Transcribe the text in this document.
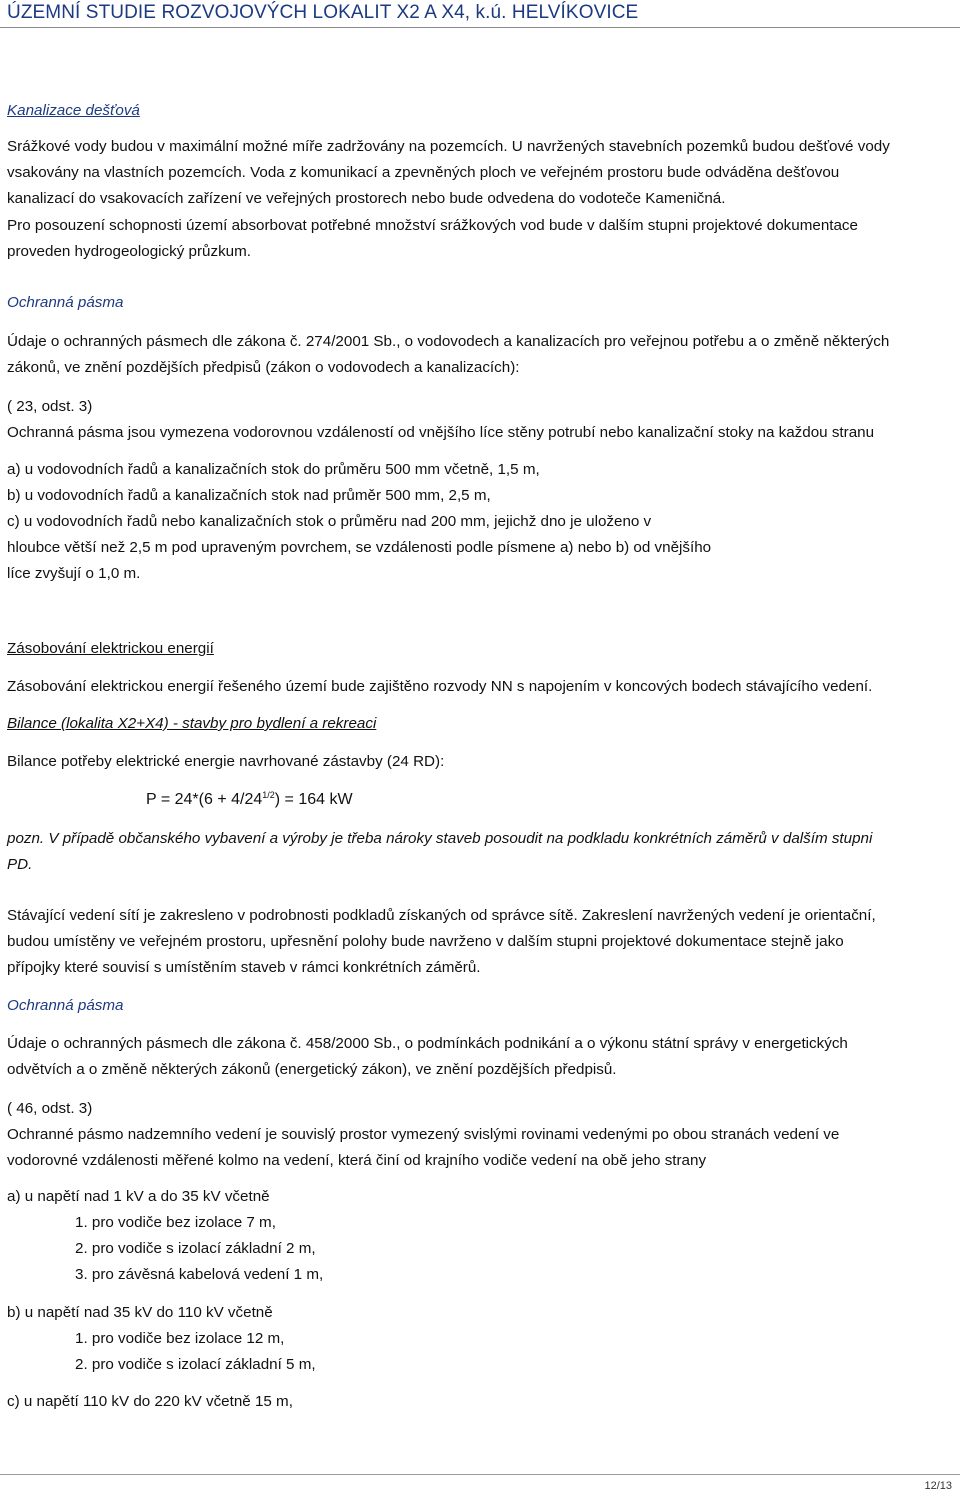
ÚZEMNÍ STUDIE ROZVOJOVÝCH LOKALIT X2 A X4, k.ú. HELVÍKOVICE
Kanalizace dešťová
Srážkové vody budou v maximální možné míře zadržovány na pozemcích. U navržených stavebních pozemků budou dešťové vody
vsakovány na vlastních pozemcích. Voda z komunikací a zpevněných ploch ve veřejném prostoru bude odváděna dešťovou
kanalizací do vsakovacích zařízení ve veřejných prostorech nebo bude odvedena do vodoteče Kameničná.
Pro posouzení schopnosti území absorbovat potřebné množství srážkových vod bude v dalším stupni projektové dokumentace
proveden hydrogeologický průzkum.
Ochranná pásma
Údaje o ochranných pásmech dle zákona č. 274/2001 Sb., o vodovodech a kanalizacích pro veřejnou potřebu a o změně některých
zákonů, ve znění pozdějších předpisů (zákon o vodovodech a kanalizacích):
( 23, odst. 3)
Ochranná pásma jsou vymezena vodorovnou vzdáleností od vnějšího líce stěny potrubí nebo kanalizační stoky na každou stranu
a) u vodovodních řadů a kanalizačních stok do průměru 500 mm včetně, 1,5 m,
b) u vodovodních řadů a kanalizačních stok nad průměr 500 mm, 2,5 m,
c) u vodovodních řadů nebo kanalizačních stok o průměru nad 200 mm, jejichž dno je uloženo v
hloubce větší než 2,5 m pod upraveným povrchem, se vzdálenosti podle písmene a) nebo b) od vnějšího
líce zvyšují o 1,0 m.
Zásobování elektrickou energií
Zásobování elektrickou energií řešeného území bude zajištěno rozvody NN s napojením v koncových bodech stávajícího vedení.
Bilance (lokalita X2+X4) - stavby pro bydlení a rekreaci
Bilance potřeby elektrické energie navrhované zástavby (24 RD):
$P = 24*(6 + 4/24^{1/2}) = 164$ kW
pozn. V případě občanského vybavení a výroby je třeba nároky staveb posoudit na podkladu konkrétních záměrů v dalším stupni
PD.
Stávající vedení sítí je zakresleno v podrobnosti podkladů získaných od správce sítě. Zakreslení navržených vedení je orientační,
budou umístěny ve veřejném prostoru, upřesnění polohy bude navrženo v dalším stupni projektové dokumentace stejně jako
přípojky které souvisí s umístěním staveb v rámci konkrétních záměrů.
Ochranná pásma
Údaje o ochranných pásmech dle zákona č. 458/2000 Sb., o podmínkách podnikání a o výkonu státní správy v energetických
odvětvích a o změně některých zákonů (energetický zákon), ve znění pozdějších předpisů.
( 46, odst. 3)
Ochranné pásmo nadzemního vedení je souvislý prostor vymezený svislými rovinami vedenými po obou stranách vedení ve
vodorovné vzdálenosti měřené kolmo na vedení, která činí od krajního vodiče vedení na obě jeho strany
a) u napětí nad 1 kV a do 35 kV včetně
1. pro vodiče bez izolace 7 m,
2. pro vodiče s izolací základní 2 m,
3. pro závěsná kabelová vedení 1 m,
b) u napětí nad 35 kV do 110 kV včetně
1. pro vodiče bez izolace 12 m,
2. pro vodiče s izolací základní 5 m,
c) u napětí 110 kV do 220 kV včetně 15 m,
12/13
